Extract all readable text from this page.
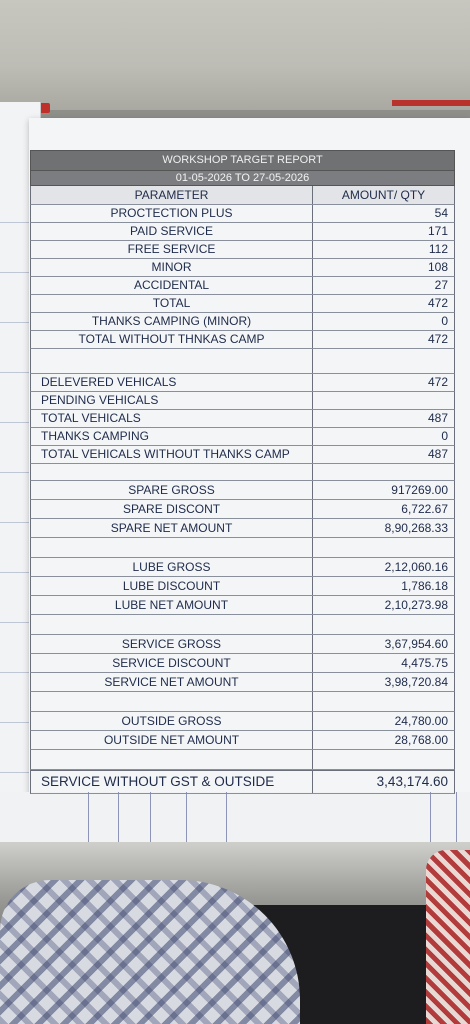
WORKSHOP TARGET REPORT
01-05-2026 TO 27-05-2026
PARAMETER	AMOUNT/ QTY
PROCTECTION PLUS	54
PAID SERVICE	171
FREE SERVICE	112
MINOR	108
ACCIDENTAL	27
TOTAL	472
THANKS CAMPING (MINOR)	0
TOTAL WITHOUT THNKAS CAMP	472
DELEVERED VEHICALS	472
PENDING VEHICALS
TOTAL VEHICALS	487
THANKS CAMPING	0
TOTAL VEHICALS WITHOUT THANKS CAMP	487
SPARE GROSS	917269.00
SPARE DISCONT	6,722.67
SPARE NET AMOUNT	8,90,268.33
LUBE GROSS	2,12,060.16
LUBE DISCOUNT	1,786.18
LUBE NET AMOUNT	2,10,273.98
SERVICE GROSS	3,67,954.60
SERVICE DISCOUNT	4,475.75
SERVICE NET AMOUNT	3,98,720.84
OUTSIDE GROSS	24,780.00
OUTSIDE NET AMOUNT	28,768.00
SERVICE WITHOUT GST & OUTSIDE	3,43,174.60
